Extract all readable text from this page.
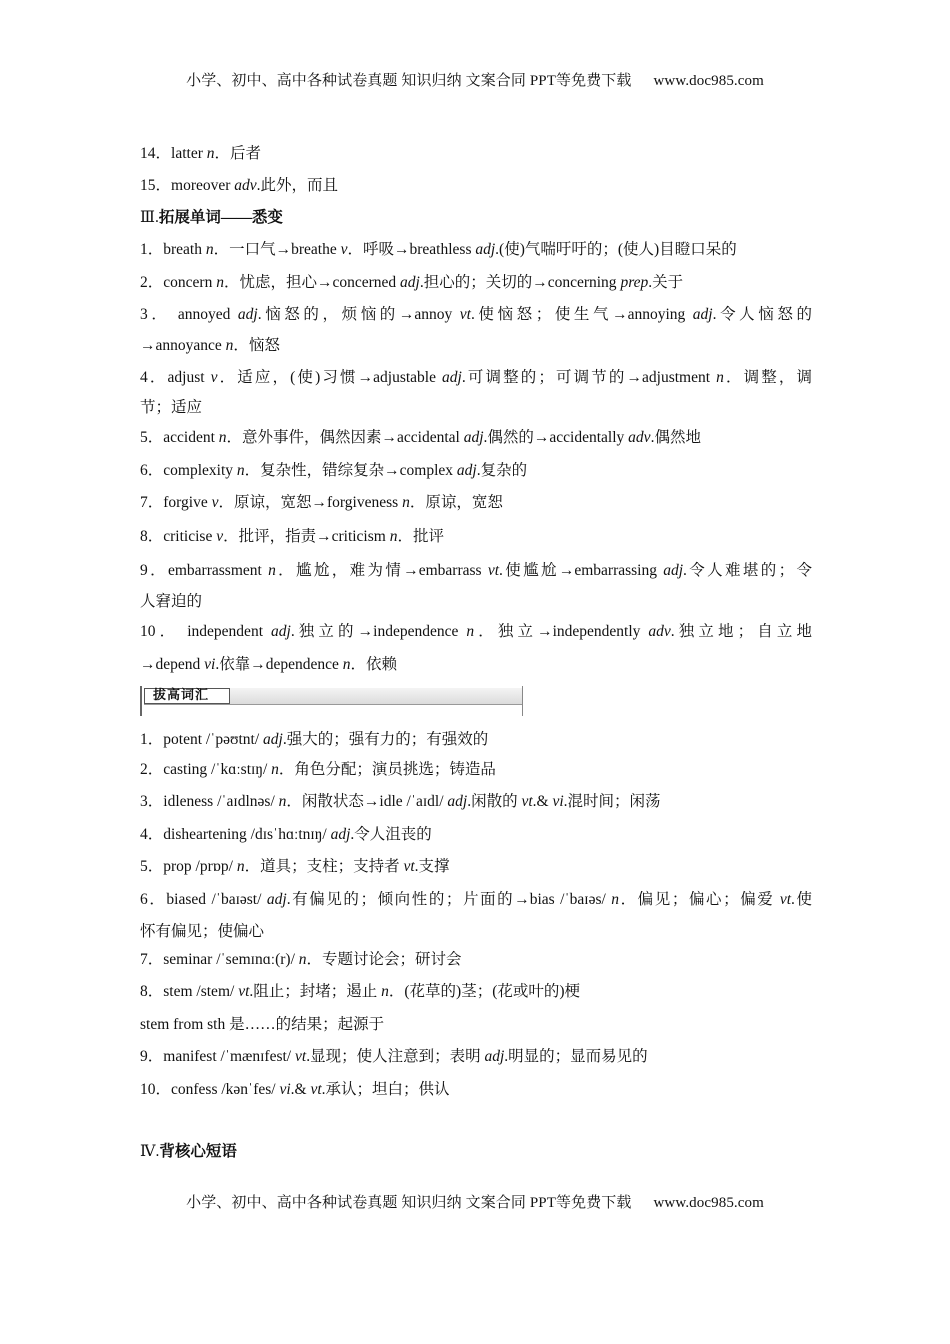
小学、初中、高中各种试卷真题 知识归纳 文案合同 PPT等免费下载 www.doc985.com
14．latter n．后者
15．moreover adv.此外，而且
Ⅲ.拓展单词——悉变
1．breath n．一口气→breathe v．呼吸→breathless adj.(使)气喘吁吁的；(使人)目瞪口呆的
2．concern n．忧虑，担心→concerned adj.担心的；关切的→concerning prep.关于
3． annoyed adj.恼怒的，烦恼的→annoy vt.使恼怒；使生气→annoying adj.令人恼怒的
→annoyance n．恼怒
4．adjust v．适应，(使)习惯→adjustable adj.可调整的；可调节的→adjustment n．调整，调
节；适应
5．accident n．意外事件，偶然因素→accidental adj.偶然的→accidentally adv.偶然地
6．complexity n．复杂性，错综复杂→complex adj.复杂的
7．forgive v．原谅，宽恕→forgiveness n．原谅，宽恕
8．criticise v．批评，指责→criticism n．批评
9．embarrassment n．尴尬，难为情→embarrass vt.使尴尬→embarrassing adj.令人难堪的；令
人窘迫的
10． independent adj.独立的→independence n．独立→independently adv.独立地；自立地
→depend vi.依靠→dependence n．依赖
拔高词汇
1．potent /ˈpəʊtnt/ adj.强大的；强有力的；有强效的
2．casting /ˈkɑːstɪŋ/ n．角色分配；演员挑选；铸造品
3．idleness /ˈaɪdlnəs/ n．闲散状态→idle /ˈaɪdl/ adj.闲散的 vt.& vi.混时间；闲荡
4．disheartening /dɪsˈhɑːtnɪŋ/ adj.令人沮丧的
5．prop /prɒp/ n．道具；支柱；支持者 vt.支撑
6．biased /ˈbaɪəst/ adj.有偏见的；倾向性的；片面的→bias /ˈbaɪəs/ n．偏见；偏心；偏爱 vt.使
怀有偏见；使偏心
7．seminar /ˈsemɪnɑː(r)/ n．专题讨论会；研讨会
8．stem /stem/ vt.阻止；封堵；遏止 n．(花草的)茎；(花或叶的)梗
stem from sth 是……的结果；起源于
9．manifest /ˈmænɪfest/ vt.显现；使人注意到；表明 adj.明显的；显而易见的
10．confess /kənˈfes/ vi.& vt.承认；坦白；供认
Ⅳ.背核心短语
小学、初中、高中各种试卷真题 知识归纳 文案合同 PPT等免费下载 www.doc985.com
